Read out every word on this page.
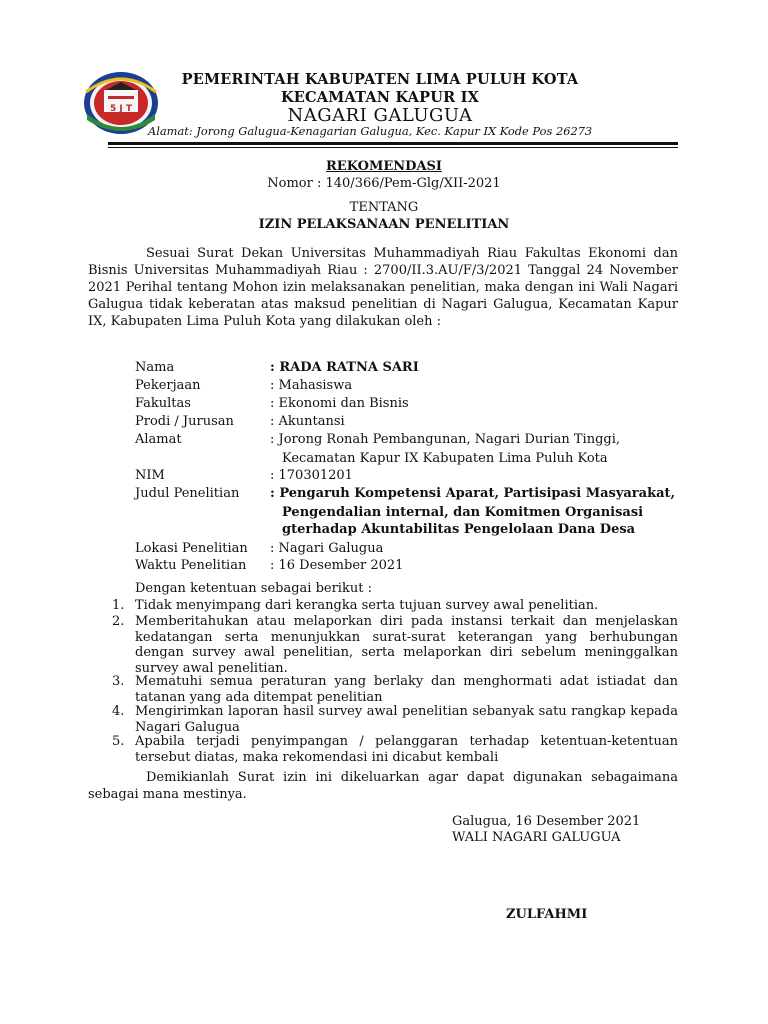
5 J T
PEMERINTAH KABUPATEN LIMA PULUH KOTA
KECAMATAN KAPUR IX
NAGARI GALUGUA
Alamat: Jorong Galugua-Kenagarian Galugua, Kec. Kapur IX Kode Pos 26273
REKOMENDASI
Nomor : 140/366/Pem-Glg/XII-2021
TENTANG
IZIN PELAKSANAAN PENELITIAN
Sesuai Surat Dekan Universitas Muhammadiyah Riau Fakultas Ekonomi dan Bisnis Universitas Muhammadiyah Riau : 2700/II.3.AU/F/3/2021 Tanggal 24 November 2021 Perihal tentang Mohon izin melaksanakan penelitian, maka dengan ini Wali Nagari Galugua tidak keberatan atas maksud penelitian di Nagari Galugua, Kecamatan Kapur IX, Kabupaten Lima Puluh Kota yang dilakukan oleh :
Nama	: RADA RATNA SARI
Pekerjaan	: Mahasiswa
Fakultas	: Ekonomi dan Bisnis
Prodi / Jurusan	: Akuntansi
Alamat	: Jorong Ronah Pembangunan, Nagari Durian Tinggi,
Kecamatan Kapur IX Kabupaten Lima Puluh Kota
NIM	: 170301201
Judul Penelitian : Pengaruh Kompetensi Aparat, Partisipasi Masyarakat,
Pengendalian internal, dan Komitmen Organisasi
gterhadap Akuntabilitas Pengelolaan Dana Desa
Lokasi Penelitian : Nagari Galugua
Waktu Penelitian : 16 Desember 2021
Dengan ketentuan sebagai berikut :
1. Tidak menyimpang dari kerangka serta tujuan survey awal penelitian.
2. Memberitahukan atau melaporkan diri pada instansi terkait dan menjelaskan kedatangan serta menunjukkan surat-surat keterangan yang berhubungan dengan survey awal penelitian, serta melaporkan diri sebelum meninggalkan survey awal penelitian.
3. Mematuhi semua peraturan yang berlaky dan menghormati adat istiadat dan tatanan yang ada ditempat penelitian
4. Mengirimkan laporan hasil survey awal penelitian sebanyak satu rangkap kepada Nagari Galugua
5. Apabila terjadi penyimpangan / pelanggaran terhadap ketentuan-ketentuan tersebut diatas, maka rekomendasi ini dicabut kembali
Demikianlah Surat izin ini dikeluarkan agar dapat digunakan sebagaimana sebagai mana mestinya.
Galugua, 16 Desember 2021
WALI NAGARI GALUGUA
ZULFAHMI
